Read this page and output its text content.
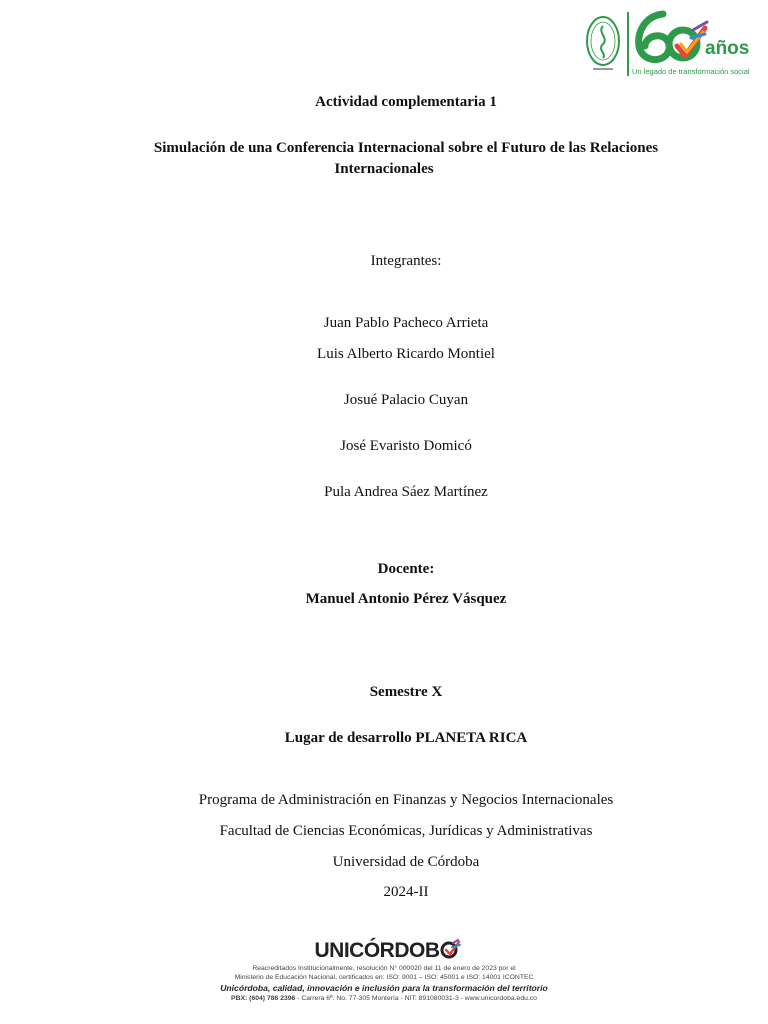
años
Un legado de transformación social
Actividad complementaria 1
Simulación de una Conferencia Internacional sobre el Futuro de las Relaciones
Internacionales
Integrantes:
Juan Pablo Pacheco Arrieta
Luis Alberto Ricardo Montiel
Josué Palacio Cuyan
José Evaristo Domicó
Pula Andrea Sáez Martínez
Docente:
Manuel Antonio Pérez Vásquez
Semestre X
Lugar de desarrollo PLANETA RICA
Programa de Administración en Finanzas y Negocios Internacionales
Facultad de Ciencias Económicas, Jurídicas y Administrativas
Universidad de Córdoba
2024-II
UNICÓRDOB
Reacreditados Institucionalmente, resolución N° 000020 del 11 de enero de 2023 por el
Ministerio de Educación Nacional, certificados en: ISO: 9001 – ISO: 45001 e ISO: 14001 ICONTEC
Unicórdoba, calidad, innovación e inclusión para la transformación del territorio
PBX: (604) 786 2396 - Carrera 6ª. No. 77-305 Montería - NIT: 891080031-3 - www.unicordoba.edu.co
